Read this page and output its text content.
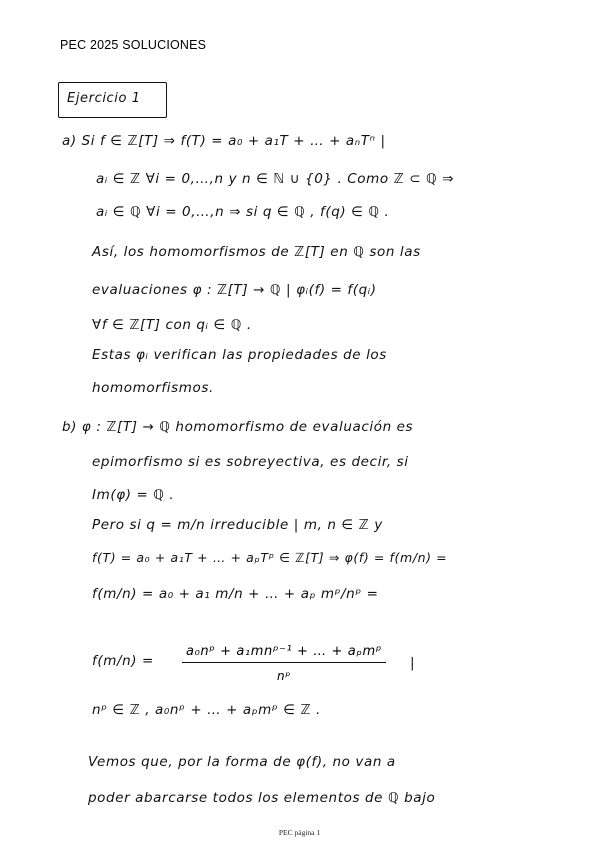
PEC 2025 SOLUCIONES
Ejercicio 1
a) Si f ∈ ℤ[T] ⇒ f(T) = a₀ + a₁T + … + aₙTⁿ |
aᵢ ∈ ℤ ∀i = 0,…,n y n ∈ ℕ ∪ {0} . Como ℤ ⊂ ℚ ⇒
aᵢ ∈ ℚ ∀i = 0,…,n ⇒ si q ∈ ℚ , f(q) ∈ ℚ .
Así, los homomorfismos de ℤ[T] en ℚ son las
evaluaciones φ : ℤ[T] → ℚ | φᵢ(f) = f(qᵢ)
∀f ∈ ℤ[T] con qᵢ ∈ ℚ .
Estas φᵢ verifican las propiedades de los
homomorfismos.
b) φ : ℤ[T] → ℚ homomorfismo de evaluación es
epimorfismo si es sobreyectiva, es decir, si
Im(φ) = ℚ .
Pero si q = m/n irreducible | m, n ∈ ℤ y
f(T) = a₀ + a₁T + … + aₚTᵖ ∈ ℤ[T] ⇒ φ(f) = f(m/n) =
f(m/n) = a₀ + a₁ m/n + … + aₚ mᵖ/nᵖ =
f(m/n) =
a₀nᵖ + a₁mnᵖ⁻¹ + … + aₚmᵖ
nᵖ
|
nᵖ ∈ ℤ , a₀nᵖ + … + aₚmᵖ ∈ ℤ .
Vemos que, por la forma de φ(f), no van a
poder abarcarse todos los elementos de ℚ bajo
PEC página 1
